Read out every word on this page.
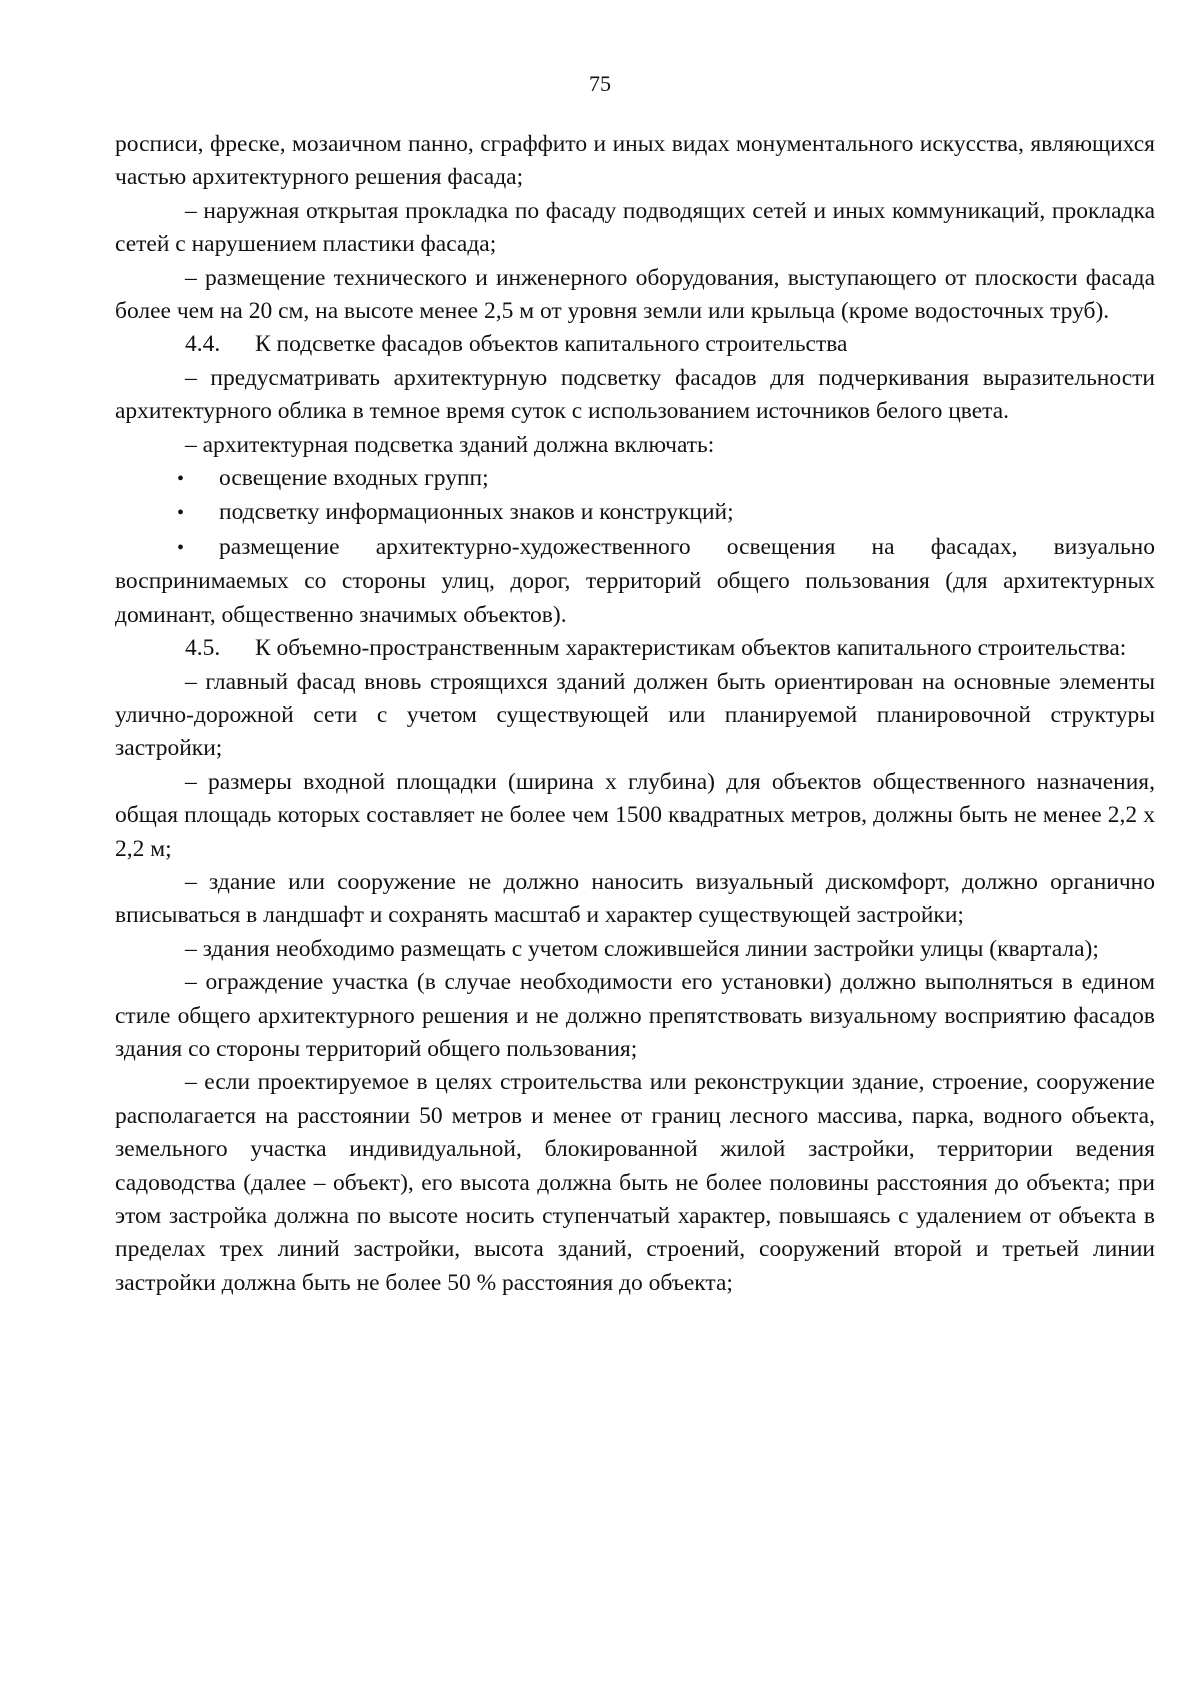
75

росписи, фреске, мозаичном панно, сграффито и иных видах монументального искусства, являющихся частью архитектурного решения фасада;

– наружная открытая прокладка по фасаду подводящих сетей и иных коммуникаций, прокладка сетей с нарушением пластики фасада;

– размещение технического и инженерного оборудования, выступающего от плоскости фасада более чем на 20 см, на высоте менее 2,5 м от уровня земли или крыльца (кроме водосточных труб).

4.4. К подсветке фасадов объектов капитального строительства

– предусматривать архитектурную подсветку фасадов для подчеркивания выразительности архитектурного облика в темное время суток с использованием источников белого цвета.

– архитектурная подсветка зданий должна включать:

• освещение входных групп;

• подсветку информационных знаков и конструкций;

• размещение архитектурно-художественного освещения на фасадах, визуально воспринимаемых со стороны улиц, дорог, территорий общего пользования (для архитектурных доминант, общественно значимых объектов).

4.5. К объемно-пространственным характеристикам объектов капитального строительства:

– главный фасад вновь строящихся зданий должен быть ориентирован на основные элементы улично-дорожной сети с учетом существующей или планируемой планировочной структуры застройки;

– размеры входной площадки (ширина х глубина) для объектов общественного назначения, общая площадь которых составляет не более чем 1500 квадратных метров, должны быть не менее 2,2 х 2,2 м;

– здание или сооружение не должно наносить визуальный дискомфорт, должно органично вписываться в ландшафт и сохранять масштаб и характер существующей застройки;

– здания необходимо размещать с учетом сложившейся линии застройки улицы (квартала);

– ограждение участка (в случае необходимости его установки) должно выполняться в едином стиле общего архитектурного решения и не должно препятствовать визуальному восприятию фасадов здания со стороны территорий общего пользования;

– если проектируемое в целях строительства или реконструкции здание, строение, сооружение располагается на расстоянии 50 метров и менее от границ лесного массива, парка, водного объекта, земельного участка индивидуальной, блокированной жилой застройки, территории ведения садоводства (далее – объект), его высота должна быть не более половины расстояния до объекта; при этом застройка должна по высоте носить ступенчатый характер, повышаясь с удалением от объекта в пределах трех линий застройки, высота зданий, строений, сооружений второй и третьей линии застройки должна быть не более 50 % расстояния до объекта;
